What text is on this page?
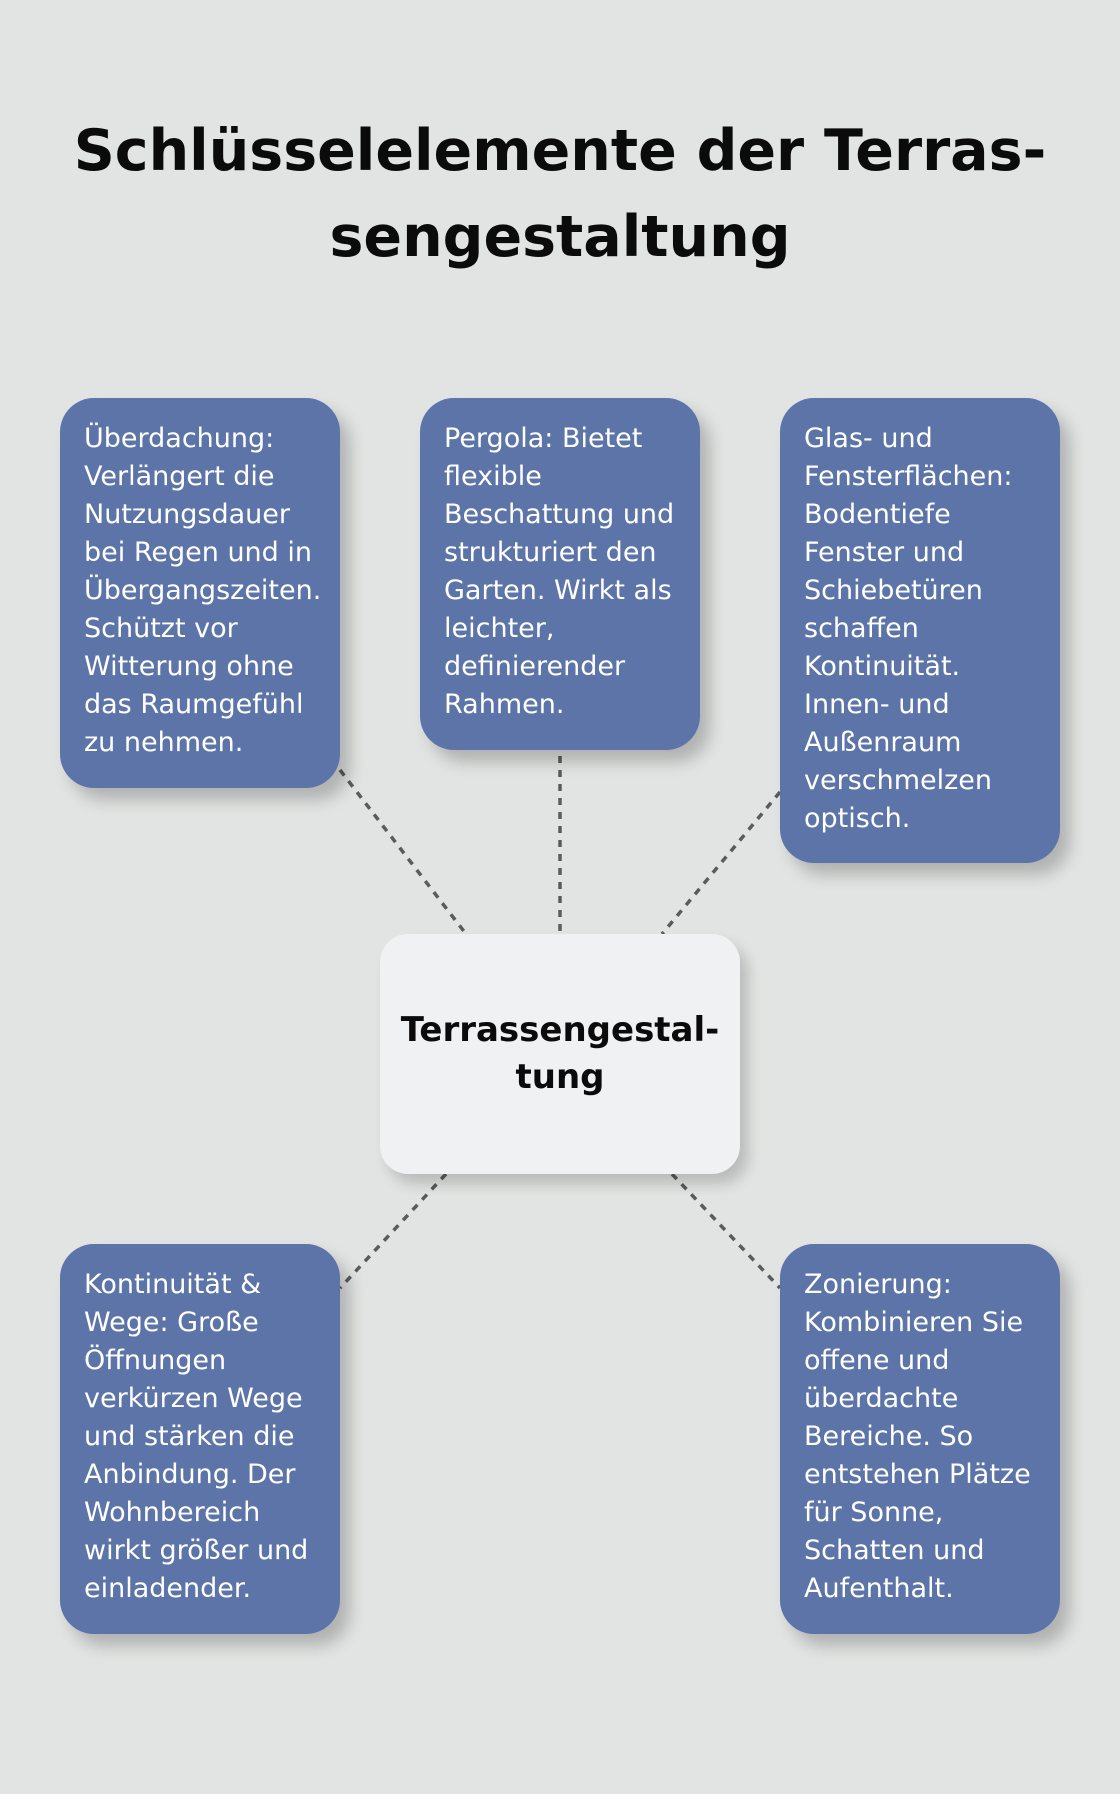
Schlüsselelemente der Terras-
sengestaltung
Überdachung: Verlängert die Nutzungsdauer bei Regen und in Übergangszeiten. Schützt vor Witterung ohne das Raumgefühl zu nehmen.
Pergola: Bietet flexible Beschattung und strukturiert den Garten. Wirkt als leichter, definierender Rahmen.
Glas- und Fensterflächen: Bodentiefe Fenster und Schiebetüren schaffen Kontinuität. Innen- und Außenraum verschmelzen optisch.
Kontinuität & Wege: Große Öffnungen verkürzen Wege und stärken die Anbindung. Der Wohnbereich wirkt größer und einladender.
Zonierung: Kombinieren Sie offene und überdachte Bereiche. So entstehen Plätze für Sonne, Schatten und Aufenthalt.
Terrassengestal-
tung
